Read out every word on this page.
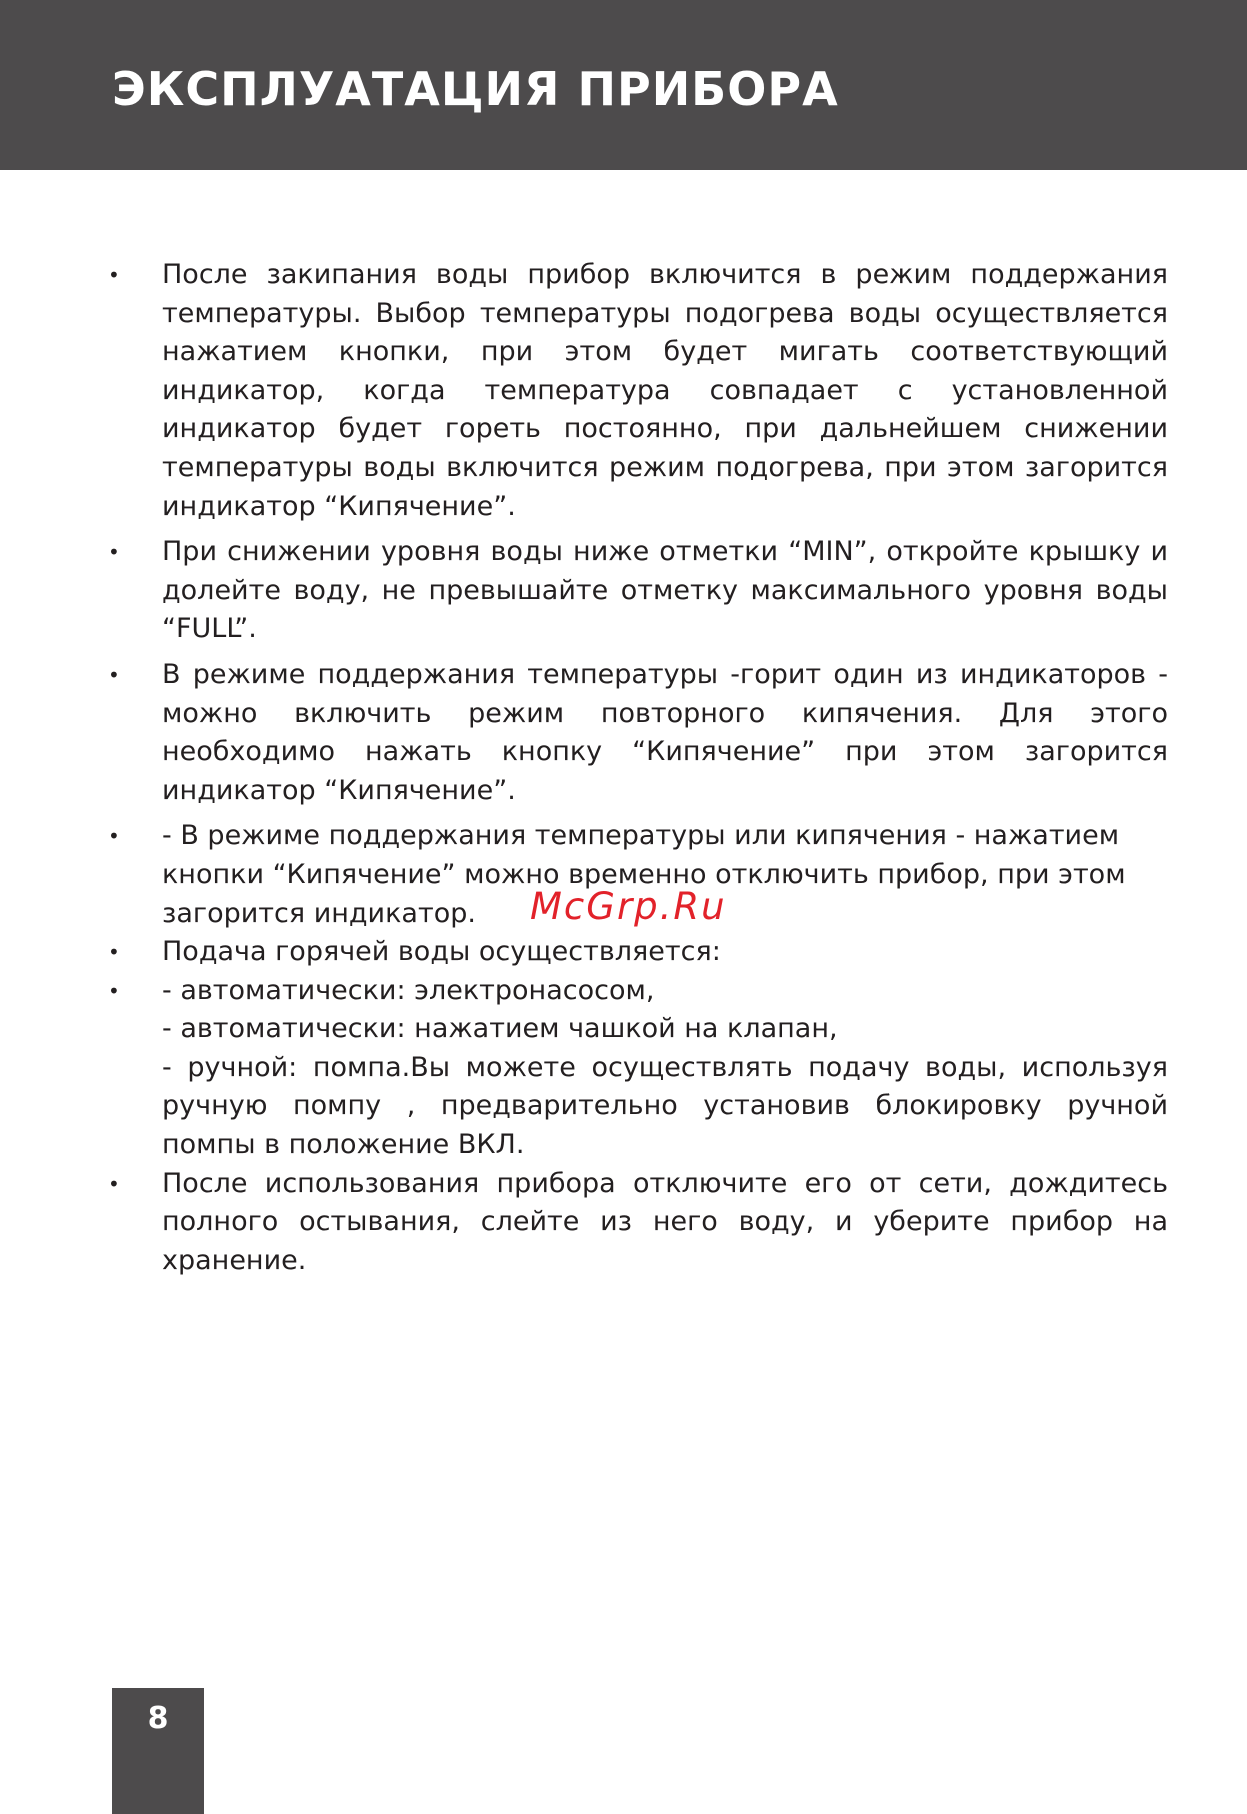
ЭКСПЛУАТАЦИЯ ПРИБОРА
•	После закипания воды прибор включится в режим поддержания температуры. Выбор температуры подогрева воды осуществляется нажатием кнопки, при этом будет мигать соответствующий индикатор, когда температура совпадает с установленной индикатор будет гореть постоянно, при дальнейшем снижении температуры воды включится режим подогрева, при этом загорится индикатор “Кипячение”.

•	При снижении уровня воды ниже отметки “MIN”, откройте крышку и долейте воду, не превышайте отметку максимального уровня воды “FULL”.

•	В режиме поддержания температуры -горит один из индикаторов - можно включить режим повторного кипячения. Для этого необходимо нажать кнопку “Кипячение” при этом загорится индикатор “Кипячение”.

•	- В режиме поддержания температуры или кипячения - нажатием кнопки “Кипячение” можно временно отключить прибор, при этом загорится индикатор.

•	Подача горячей воды осуществляется:

•	- автоматически: электронасосом,
- автоматически: нажатием чашкой на клапан,

- ручной: помпа.Вы можете осуществлять подачу воды, используя ручную помпу , предварительно установив блокировку ручной помпы в положение ВКЛ.

•	После использования прибора отключите его от сети, дождитесь полного остывания, слейте из него воду, и уберите прибор на хранение.

McGrp.Ru
8
